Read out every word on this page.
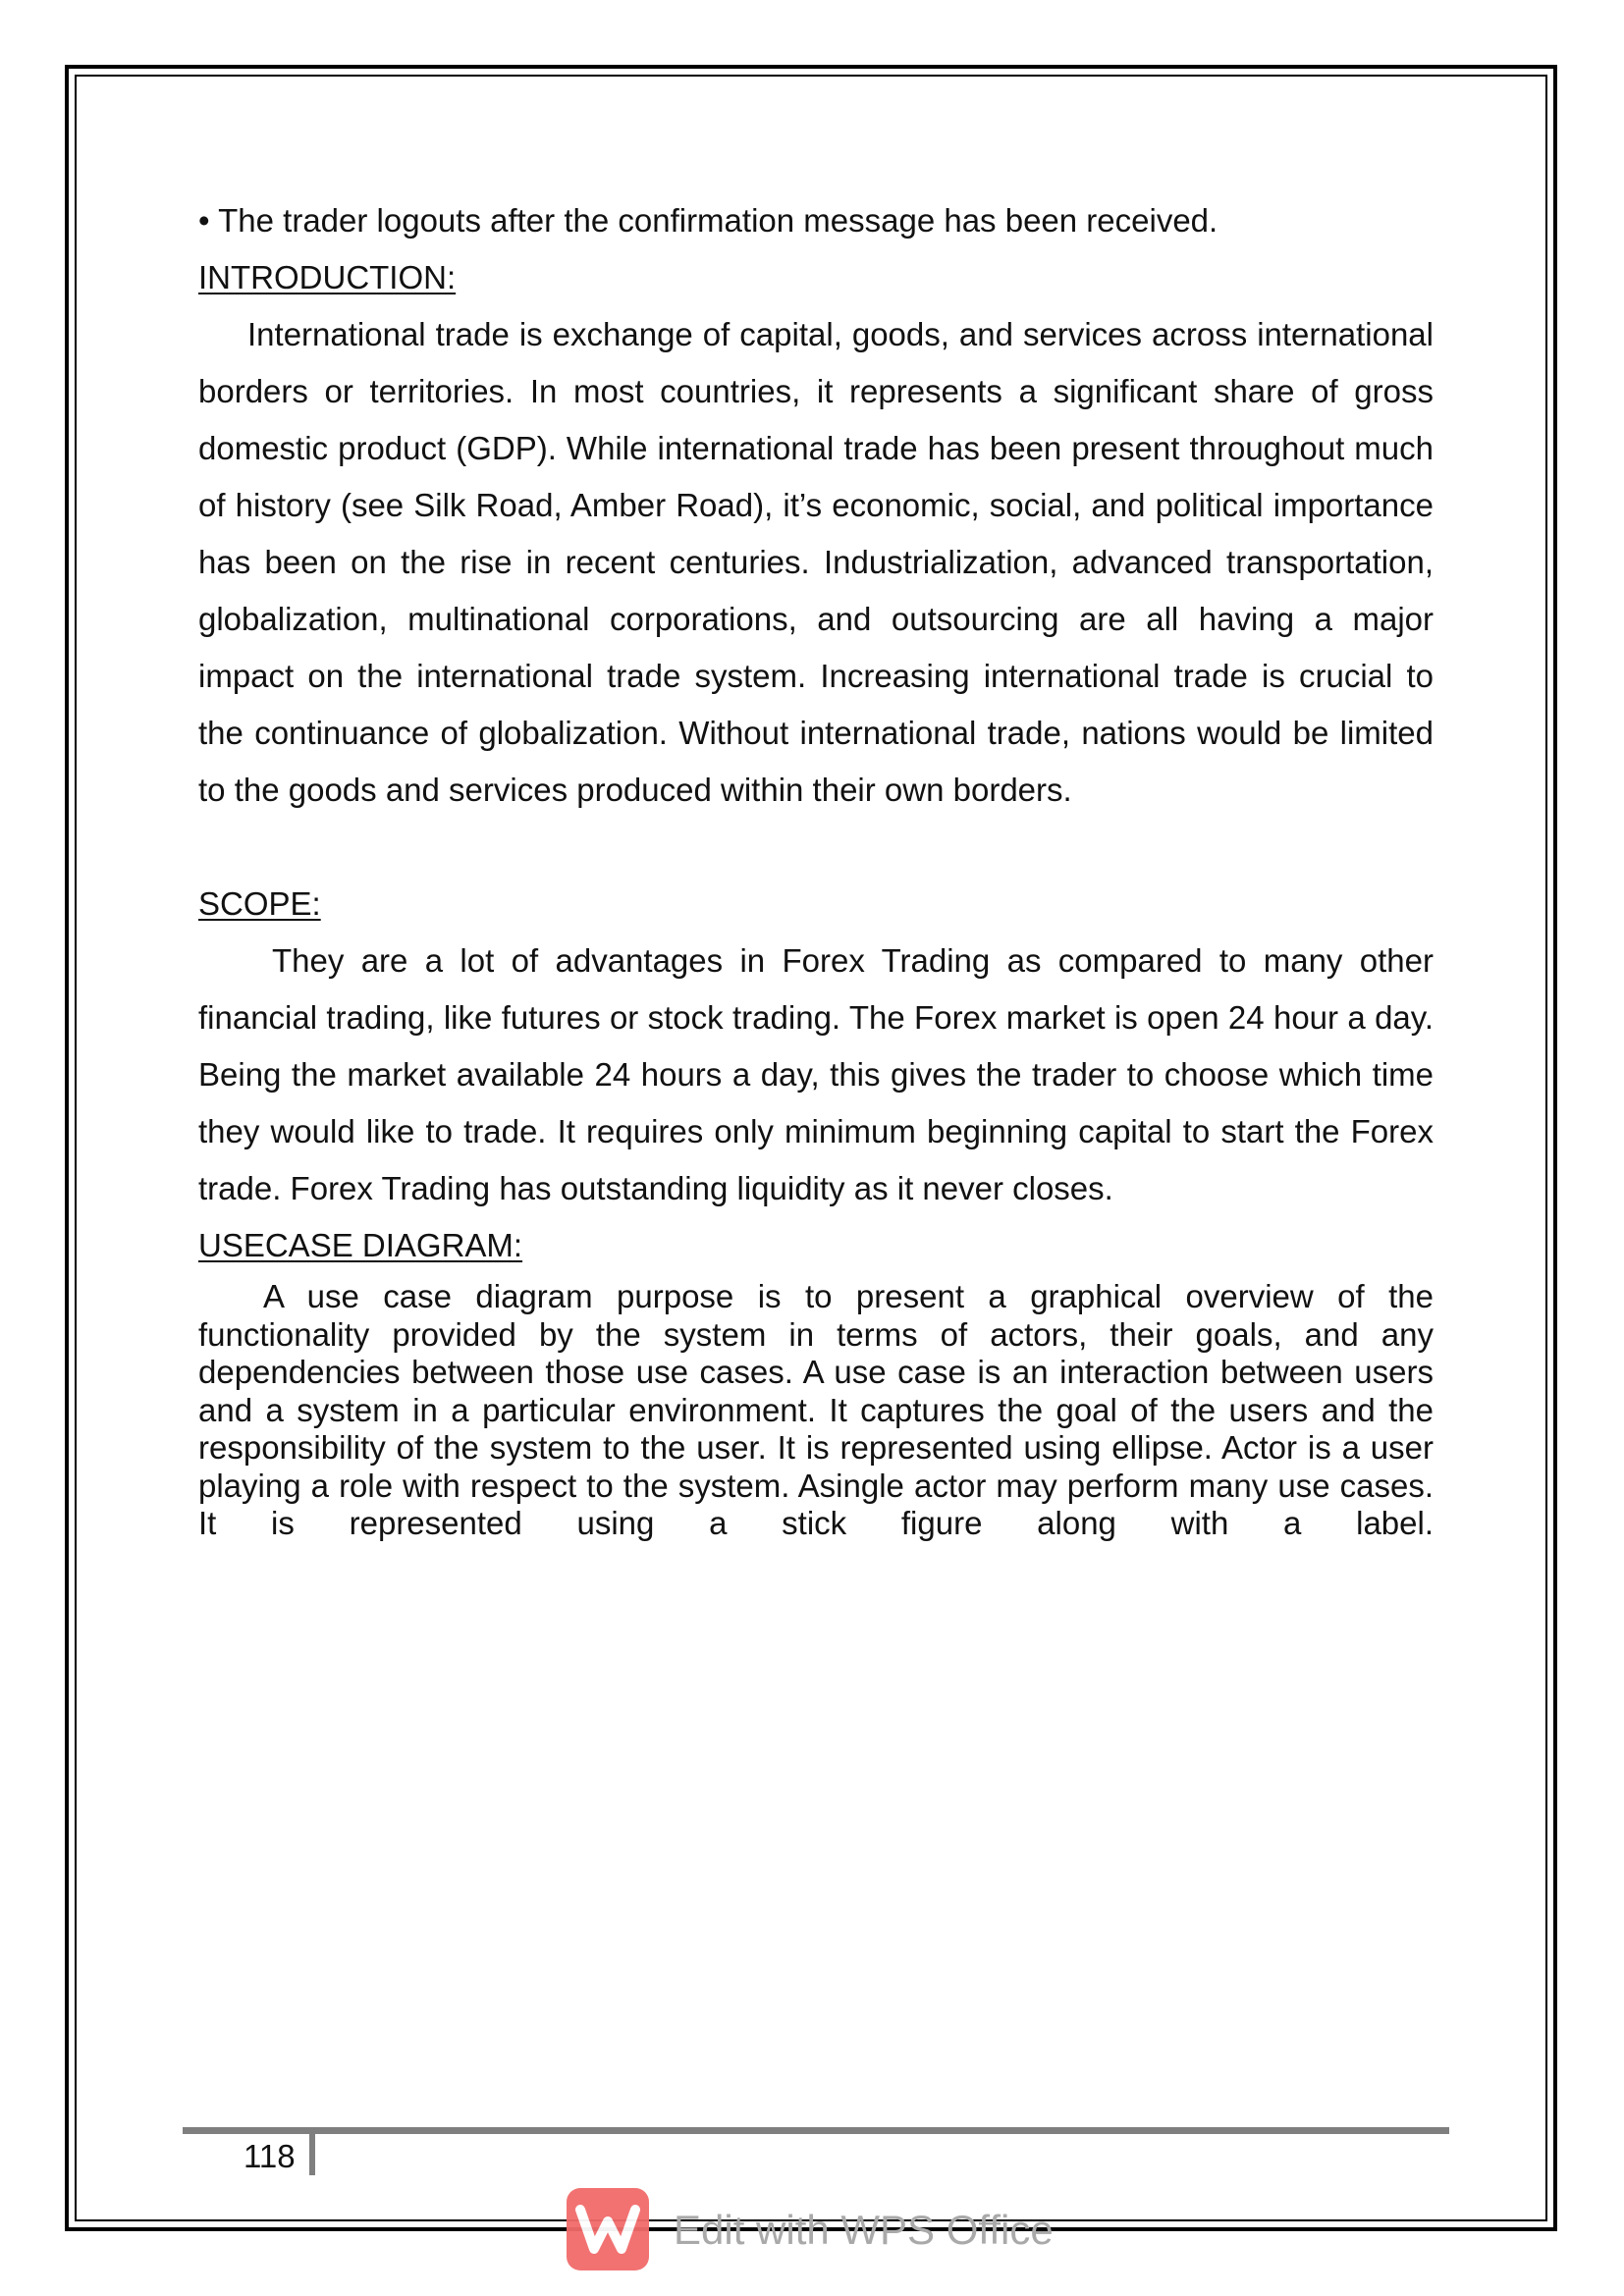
• The trader logouts after the confirmation message has been received.

INTRODUCTION:

International trade is exchange of capital, goods, and services across international borders or territories. In most countries, it represents a significant share of gross domestic product (GDP). While international trade has been present throughout much of history (see Silk Road, Amber Road), it’s economic, social, and political importance has been on the rise in recent centuries. Industrialization, advanced transportation, globalization, multinational corporations, and outsourcing are all having a major impact on the international trade system. Increasing international trade is crucial to the continuance of globalization. Without international trade, nations would be limited to the goods and services produced within their own borders.

SCOPE:

They are a lot of advantages in Forex Trading as compared to many other financial trading, like futures or stock trading. The Forex market is open 24 hour a day. Being the market available 24 hours a day, this gives the trader to choose which time they would like to trade. It requires only minimum beginning capital to start the Forex trade. Forex Trading has outstanding liquidity as it never closes.

USECASE DIAGRAM:

A use case diagram purpose is to present a graphical overview of the functionality provided by the system in terms of actors, their goals, and any dependencies between those use cases. A use case is an interaction between users and a system in a particular environment. It captures the goal of the users and the responsibility of the system to the user. It is represented using ellipse. Actor is a user playing a role with respect to the system. Asingle actor may perform many use cases. It is represented using a stick figure along with a label.

118
Edit with WPS Office
